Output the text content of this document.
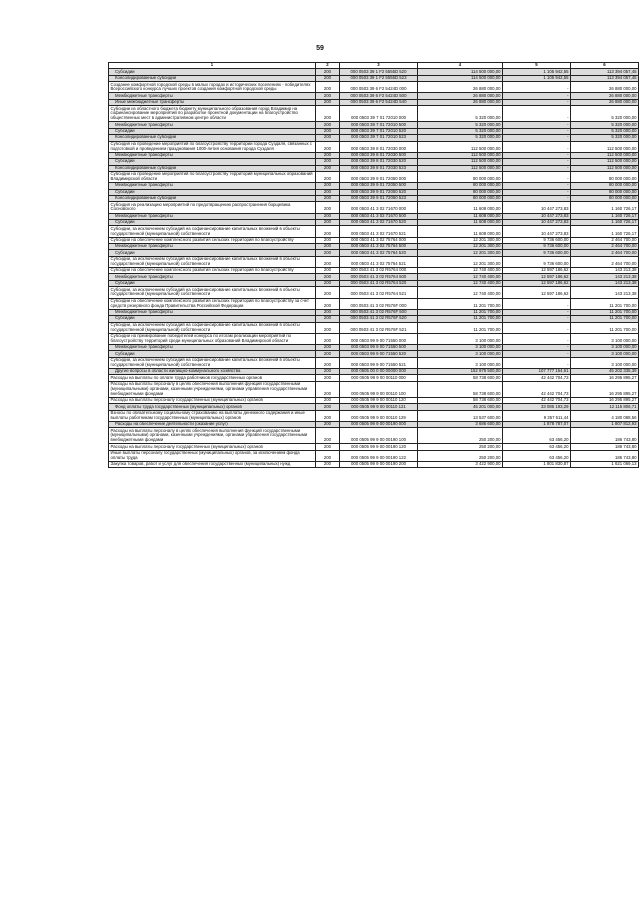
59
1	2	3	4	5	6
Субсидии	200	000 0503 39 1 F2 5555D 520	114 500 000,00	1 105 942,55	113 394 057,45
Консолидированные субсидии	200	000 0503 39 1 F2 5555D 523	114 500 000,00	1 105 942,55	113 394 057,45
Создание комфортной городской среды в малых городах и исторических поселениях - победителях Всероссийского конкурса лучших проектов создания комфортной городской среды	200	000 0503 39 6 F2 5424D 000	26 880 000,00	-	26 880 000,00
Межбюджетные трансферты	200	000 0503 39 6 F2 5424D 500	26 880 000,00	-	26 880 000,00
Иные межбюджетные трансферты	200	000 0503 39 6 F2 5424D 540	26 880 000,00	-	26 880 000,00
Субсидии из областного бюджета бюджету муниципального образования город Владимир на софинансирование мероприятий по разработке проектной документации на благоустройство общественных мест в административном центре области	200	000 0503 39 7 01 72010 000	5 320 000,00	-	5 320 000,00
Межбюджетные трансферты	200	000 0503 39 7 01 72010 500	5 320 000,00	-	5 320 000,00
Субсидии	200	000 0503 39 7 01 72010 520	5 320 000,00	-	5 320 000,00
Консолидированные субсидии	200	000 0503 39 7 01 72010 523	5 320 000,00	-	5 320 000,00
Субсидия на проведение мероприятий по благоустройству территории города Суздаля, связанных с подготовкой и проведением празднования 1000-летия основания города Суздаля	200	000 0503 39 8 01 72030 000	112 500 000,00	-	112 500 000,00
Межбюджетные трансферты	200	000 0503 39 8 01 72030 500	112 500 000,00	-	112 500 000,00
Субсидии	200	000 0503 39 8 01 72030 520	112 500 000,00	-	112 500 000,00
Консолидированные субсидии	200	000 0503 39 8 01 72030 523	112 500 000,00	-	112 500 000,00
Субсидии на проведение мероприятий по благоустройству территорий муниципальных образований Владимирской области	200	000 0503 39 9 01 72050 000	80 000 000,00	-	80 000 000,00
Межбюджетные трансферты	200	000 0503 39 9 01 72050 500	80 000 000,00	-	80 000 000,00
Субсидии	200	000 0503 39 9 01 72050 520	80 000 000,00	-	80 000 000,00
Консолидированные субсидии	200	000 0503 39 9 01 72050 523	80 000 000,00	-	80 000 000,00
Субсидия на реализацию мероприятий по предотвращению распространения борщевика Сосновского	200	000 0503 41 3 02 71670 000	11 608 000,00	10 447 273,83	1 160 726,17
Межбюджетные трансферты	200	000 0503 41 3 02 71670 500	11 608 000,00	10 447 273,83	1 160 726,17
Субсидии	200	000 0503 41 3 02 71670 520	11 608 000,00	10 447 273,83	1 160 726,17
Субсидии, за исключением субсидий на софинансирование капитальных вложений в объекты государственной (муниципальной) собственности	200	000 0503 41 3 02 71670 521	11 608 000,00	10 447 273,83	1 160 726,17
Субсидии на обеспечение комплексного развития сельских территорий по благоустройству	200	000 0503 41 3 02 75764 000	12 201 300,00	9 736 600,00	2 464 700,00
Межбюджетные трансферты	200	000 0503 41 3 02 75764 500	12 201 300,00	9 736 600,00	2 464 700,00
Субсидии	200	000 0503 41 3 02 75764 520	12 201 300,00	9 736 600,00	2 464 700,00
Субсидии, за исключением субсидий на софинансирование капитальных вложений в объекты государственной (муниципальной) собственности	200	000 0503 41 3 02 75764 521	12 201 300,00	9 736 600,00	2 464 700,00
Субсидии на обеспечение комплексного развития сельских территорий по благоустройству	200	000 0503 41 3 02 R5764 000	12 740 400,00	12 597 186,62	143 213,38
Межбюджетные трансферты	200	000 0503 41 3 02 R5764 500	12 740 400,00	12 597 186,62	143 213,38
Субсидии	200	000 0503 41 3 02 R5764 520	12 740 400,00	12 597 186,62	143 213,38
Субсидии, за исключением субсидий на софинансирование капитальных вложений в объекты государственной (муниципальной) собственности	200	000 0503 41 3 02 R5764 521	12 740 400,00	12 597 186,62	143 213,38
Субсидии на обеспечение комплексного развития сельских территорий по благоустройству за счет средств резервного фонда Правительства Российской Федерации	200	000 0503 41 3 02 R576F 000	11 201 700,00	-	11 201 700,00
Межбюджетные трансферты	200	000 0503 41 3 02 R576F 500	11 201 700,00	-	11 201 700,00
Субсидии	200	000 0503 41 3 02 R576F 520	11 201 700,00	-	11 201 700,00
Субсидии, за исключением субсидий на софинансирование капитальных вложений в объекты государственной (муниципальной) собственности	200	000 0503 41 3 02 R576F 521	11 201 700,00	-	11 201 700,00
Субсидии на премирование победителей конкурса по итогам реализации мероприятий по благоустройству территорий среди муниципальных образований Владимирской области	200	000 0503 99 9 00 71550 000	3 100 000,00	-	3 100 000,00
Межбюджетные трансферты	200	000 0503 99 9 00 71550 500	3 100 000,00	-	3 100 000,00
Субсидии	200	000 0503 99 9 00 71550 520	3 100 000,00	-	3 100 000,00
Субсидии, за исключением субсидий на софинансирование капитальных вложений в объекты государственной (муниципальной) собственности	200	000 0503 99 9 00 71550 521	3 100 000,00	-	3 100 000,00
Другие вопросы в области жилищно-коммунального хозяйства	200	000 0505 00 0 00 00000 000	152 979 500,00	107 777 164,61	45 202 335,39
Расходы на выплаты по оплате труда работников государственных органов	200	000 0505 99 9 00 00110 000	58 738 600,00	42 442 704,73	16 295 895,27
Расходы на выплаты персоналу в целях обеспечения выполнения функций государственными (муниципальными) органами, казенными учреждениями, органами управления государственными внебюджетными фондами	200	000 0505 99 9 00 00110 100	58 738 600,00	42 442 704,73	16 295 895,27
Расходы на выплаты персоналу государственных (муниципальных) органов	200	000 0505 99 9 00 00110 120	58 738 600,00	42 442 704,73	16 295 895,27
Фонд оплаты труда государственных (муниципальных) органов	200	000 0505 99 9 00 00110 121	45 201 000,00	33 085 193,29	12 115 806,71
Взносы по обязательному социальному страхованию на выплаты денежного содержания и иные выплаты работникам государственных (муниципальных) органов	200	000 0505 99 9 00 00110 129	13 537 600,00	9 357 511,44	4 180 088,56
Расходы на обеспечение деятельности (оказание услуг)	200	000 0505 99 9 00 00190 000	3 686 600,00	1 878 787,07	1 807 812,93
Расходы на выплаты персоналу в целях обеспечения выполнения функций государственными (муниципальными) органами, казенными учреждениями, органами управления государственными внебюджетными фондами	200	000 0505 99 9 00 00190 100	250 200,00	63 456,20	186 743,80
Расходы на выплаты персоналу государственных (муниципальных) органов	200	000 0505 99 9 00 00190 120	250 200,00	63 456,20	186 743,80
Иные выплаты персоналу государственных (муниципальных) органов, за исключением фонда оплаты труда	200	000 0505 99 9 00 00190 122	250 200,00	63 456,20	186 743,80
Закупка товаров, работ и услуг для обеспечения государственных (муниципальных) нужд	200	000 0505 99 9 00 00190 200	3 422 900,00	1 801 830,87	1 621 069,13
